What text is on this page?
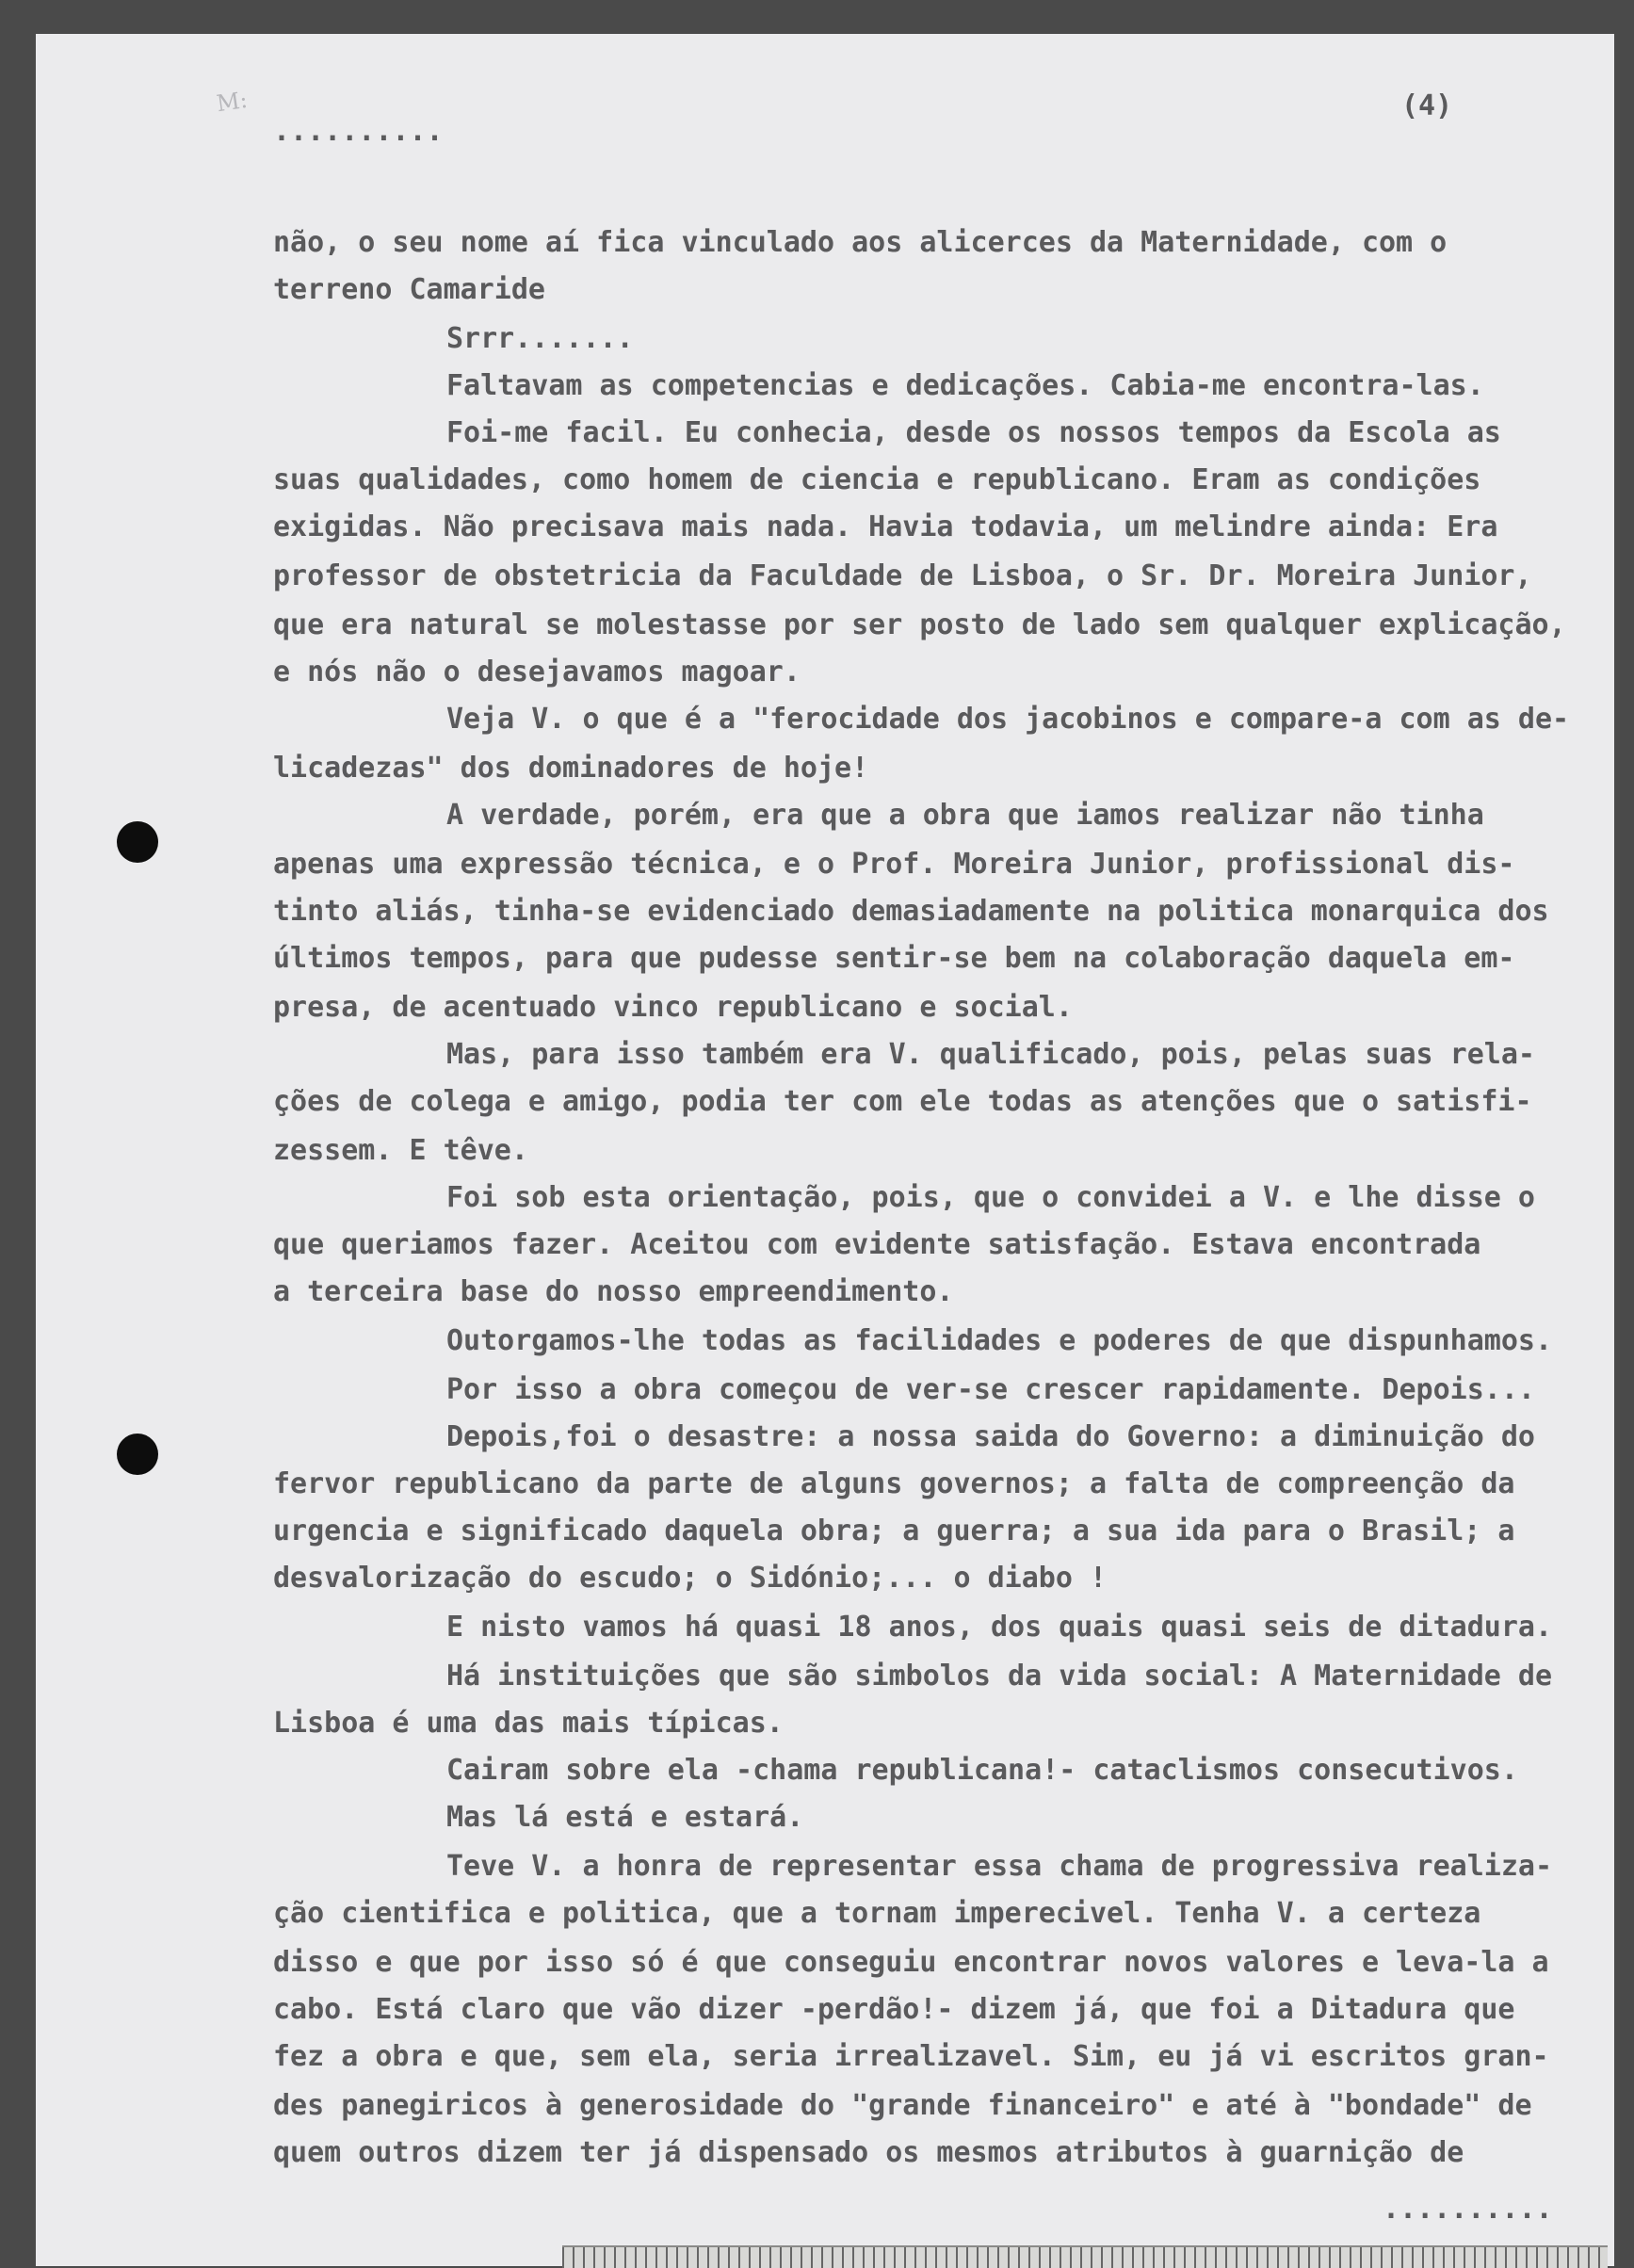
M:	(4)
..........
não, o seu nome aí fica vinculado aos alicerces da Maternidade, com o
terreno Camaride
Srrr.......
Faltavam as competencias e dedicações. Cabia-me encontra-las.
Foi-me facil. Eu conhecia, desde os nossos tempos da Escola as
suas qualidades, como homem de ciencia e republicano. Eram as condições
exigidas. Não precisava mais nada. Havia todavia, um melindre ainda: Era
professor de obstetricia da Faculdade de Lisboa, o Sr. Dr. Moreira Junior,
que era natural se molestasse por ser posto de lado sem qualquer explicação,
e nós não o desejavamos magoar.
Veja V. o que é a "ferocidade dos jacobinos e compare-a com as de-
licadezas" dos dominadores de hoje!
A verdade, porém, era que a obra que iamos realizar não tinha
apenas uma expressão técnica, e o Prof. Moreira Junior, profissional dis-
tinto aliás, tinha-se evidenciado demasiadamente na politica monarquica dos
últimos tempos, para que pudesse sentir-se bem na colaboração daquela em-
presa, de acentuado vinco republicano e social.
Mas, para isso também era V. qualificado, pois, pelas suas rela-
ções de colega e amigo, podia ter com ele todas as atenções que o satisfi-
zessem. E têve.
Foi sob esta orientação, pois, que o convidei a V. e lhe disse o
que queriamos fazer. Aceitou com evidente satisfação. Estava encontrada
a terceira base do nosso empreendimento.
Outorgamos-lhe todas as facilidades e poderes de que dispunhamos.
Por isso a obra começou de ver-se crescer rapidamente. Depois...
Depois,foi o desastre: a nossa saida do Governo: a diminuição do
fervor republicano da parte de alguns governos; a falta de compreenção da
urgencia e significado daquela obra; a guerra; a sua ida para o Brasil; a
desvalorização do escudo; o Sidónio;... o diabo !
E nisto vamos há quasi 18 anos, dos quais quasi seis de ditadura.
Há instituições que são simbolos da vida social: A Maternidade de
Lisboa é uma das mais típicas.
Cairam sobre ela -chama republicana!- cataclismos consecutivos.
Mas lá está e estará.
Teve V. a honra de representar essa chama de progressiva realiza-
ção cientifica e politica, que a tornam imperecivel. Tenha V. a certeza
disso e que por isso só é que conseguiu encontrar novos valores e leva-la a
cabo. Está claro que vão dizer -perdão!- dizem já, que foi a Ditadura que
fez a obra e que, sem ela, seria irrealizavel. Sim, eu já vi escritos gran-
des panegiricos à generosidade do "grande financeiro" e até à "bondade" de
quem outros dizem ter já dispensado os mesmos atributos à guarnição de
..........
